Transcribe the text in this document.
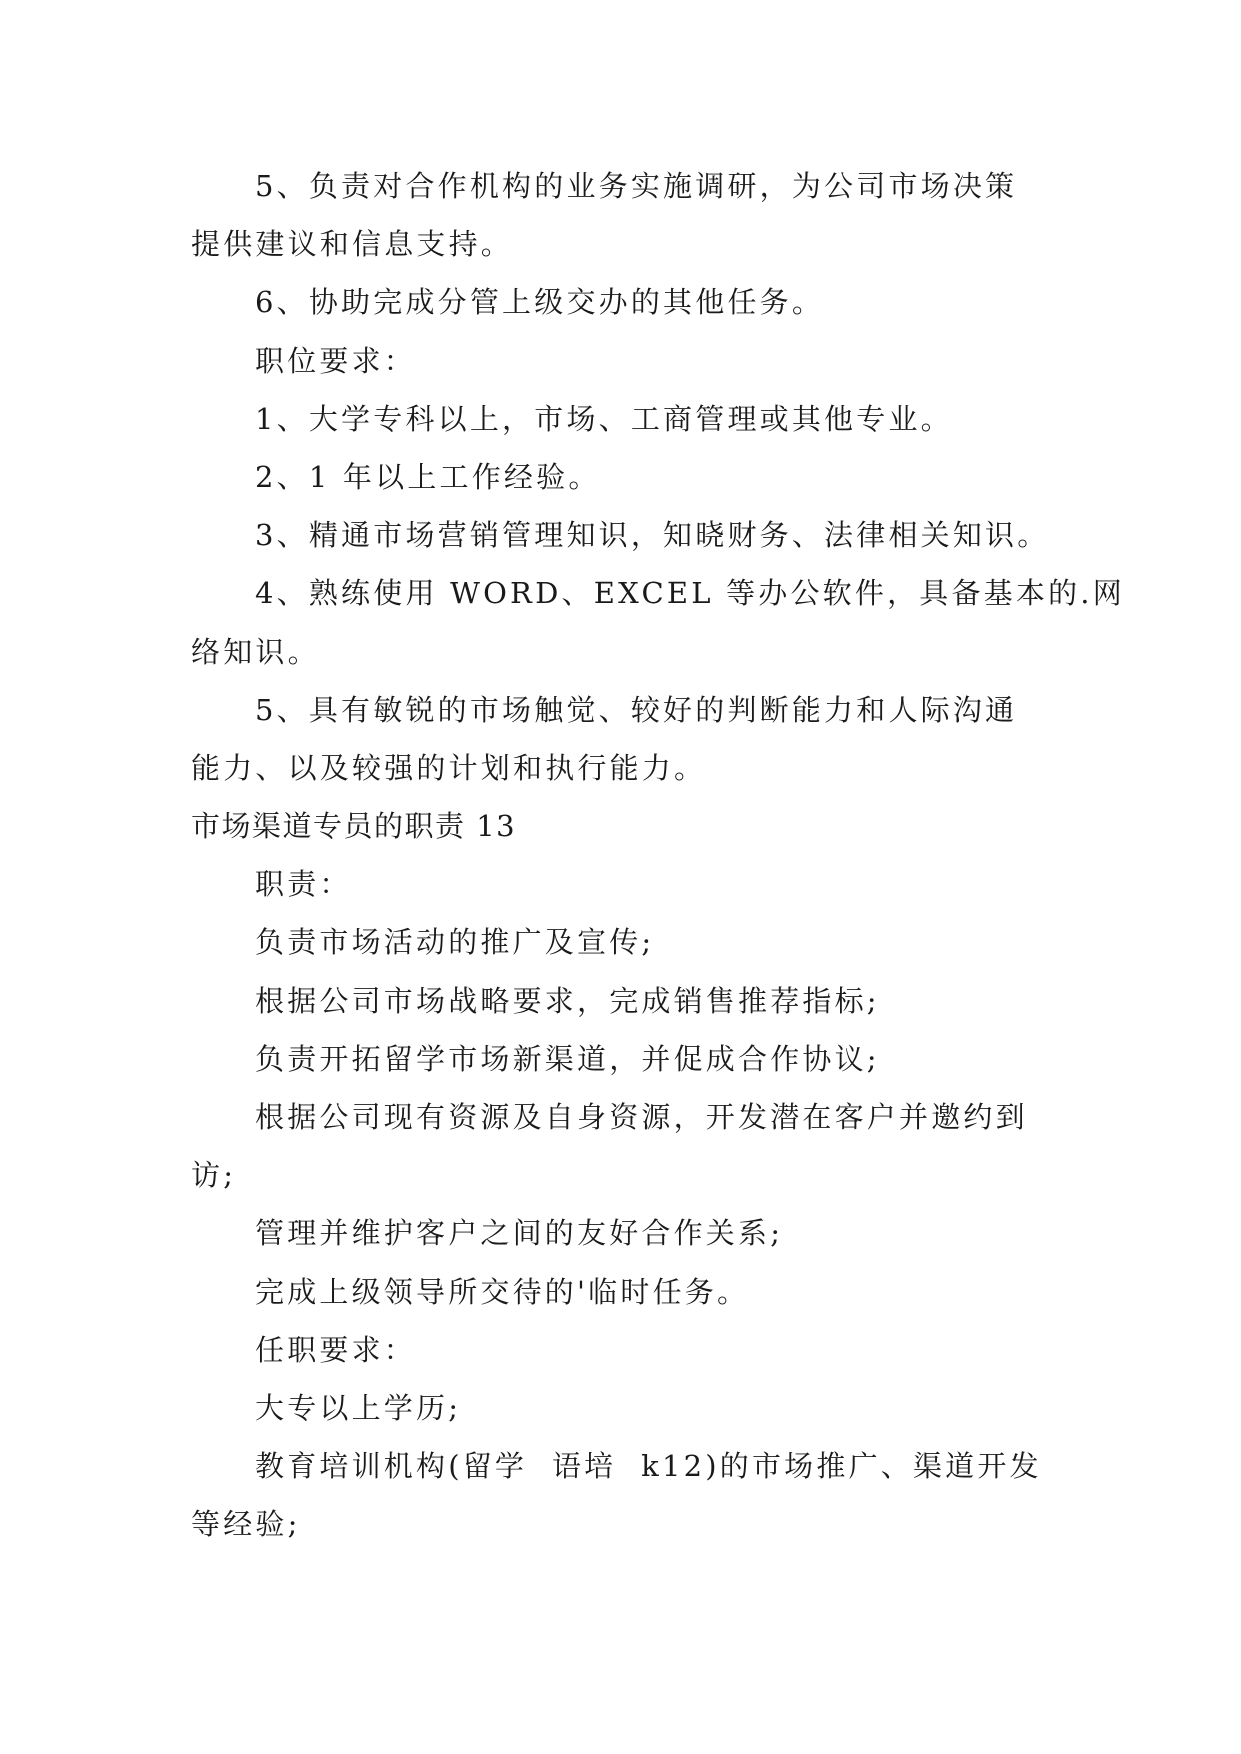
5、负责对合作机构的业务实施调研，为公司市场决策
提供建议和信息支持。
6、协助完成分管上级交办的其他任务。
职位要求：
1、大学专科以上，市场、工商管理或其他专业。
2、1 年以上工作经验。
3、精通市场营销管理知识，知晓财务、法律相关知识。
4、熟练使用 WORD、EXCEL 等办公软件，具备基本的.网
络知识。
5、具有敏锐的市场触觉、较好的判断能力和人际沟通
能力、以及较强的计划和执行能力。
市场渠道专员的职责 13
职责：
负责市场活动的推广及宣传;
根据公司市场战略要求，完成销售推荐指标;
负责开拓留学市场新渠道，并促成合作协议;
根据公司现有资源及自身资源，开发潜在客户并邀约到
访;
管理并维护客户之间的友好合作关系;
完成上级领导所交待的'临时任务。
任职要求：
大专以上学历;
教育培训机构(留学  语培  k12)的市场推广、渠道开发
等经验;
